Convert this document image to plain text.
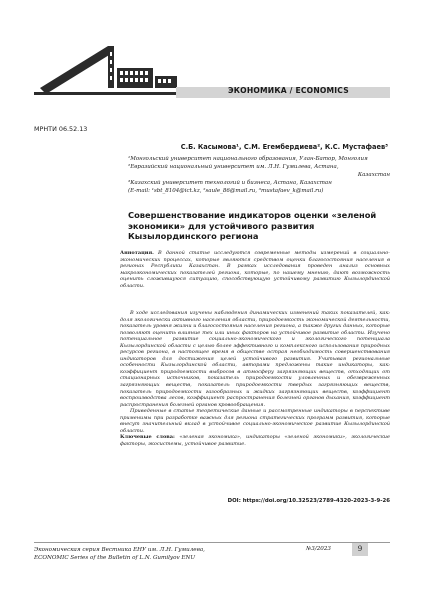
ЭКОНОМИКА / ECONOMICS
МРНТИ 06.52.13
С.Б. Касымова¹, С.М. Егембердиева², К.С. Мустафаев³
¹Монгольский университет национального образования, Улан-Батор, Монголия
²Евразийский национальный университет им. Л.Н. Гумилева, Астана,
Казахстан
³Казахский университет технологий и бизнеса, Астана, Казахстан
(E-mail: ¹sbt_8104@ict.kz, ²saule_86@mail.ru, ³mustafaev_k@mail.ru)
Совершенствование индикаторов оценки «зеленой экономики» для устойчивого развития Кызылординского региона

Аннотация. В данной статье исследуются современные методы измерений в социально-экономических процессах, которые являются средством оценки благосостояния населения в регионах Республики Казахстан. В рамках исследования проведен анализ основных макроэкономических показателей региона, которые, по нашему мнению, дают возможность оценить сложившуюся ситуацию, способствующую устойчивому развитию Кызылординской области.

В ходе исследования изучены наблюдения динамических изменений таких показателей, как: доля экологически активного населения области, природоемкость экономической деятельности, показатель уровня жизни и благосостояния населения региона, а также других данных, которые позволяют оценить влияние тех или иных факторов на устойчивое развитие области. Изучено потенциальное развитие социально-экономического и экологического потенциала Кызылординской области с целью более эффективного и комплексного использования природных ресурсов региона, в настоящее время в обществе острая необходимость совершенствования индикаторов для достижения целей устойчивого развития. Учитывая региональные особенности Кызылординской области, авторами предложены такие индикаторы, как: коэффициент природоемкости выбросов в атмосферу загрязняющих веществ, отходящих от стационарных источников, показатель природоемкости уловленных и обезвреженных загрязняющих веществ, показатель природоемкости твердых загрязняющих веществ, показатель природоемкости газообразных и жидких загрязняющих веществ, коэффициент воспроизводства лесов, коэффициент распространения болезней органов дыхания, коэффициент распространения болезней органов кровообращения.

Приведенные в статье теоретические данные и рассмотренные индикаторы в перспективе применимы при разработке важных для региона стратегических программ развития, которые внесут значительный вклад в устойчивое социально-экономическое развитие Кызылординской области.

Ключевые слова: «зеленая экономика», индикаторы «зеленой экономики», экологические факторы, экосистемы, устойчивое развитие.

DOI: https://doi.org/10.32523/2789-4320-2023-3-9-26
Экономическая серия Вестника ЕНУ им. Л.Н. Гумилева,
ECONOMIC Series of the Bulletin of L.N. Gumilyov ENU
№3/2023	9
